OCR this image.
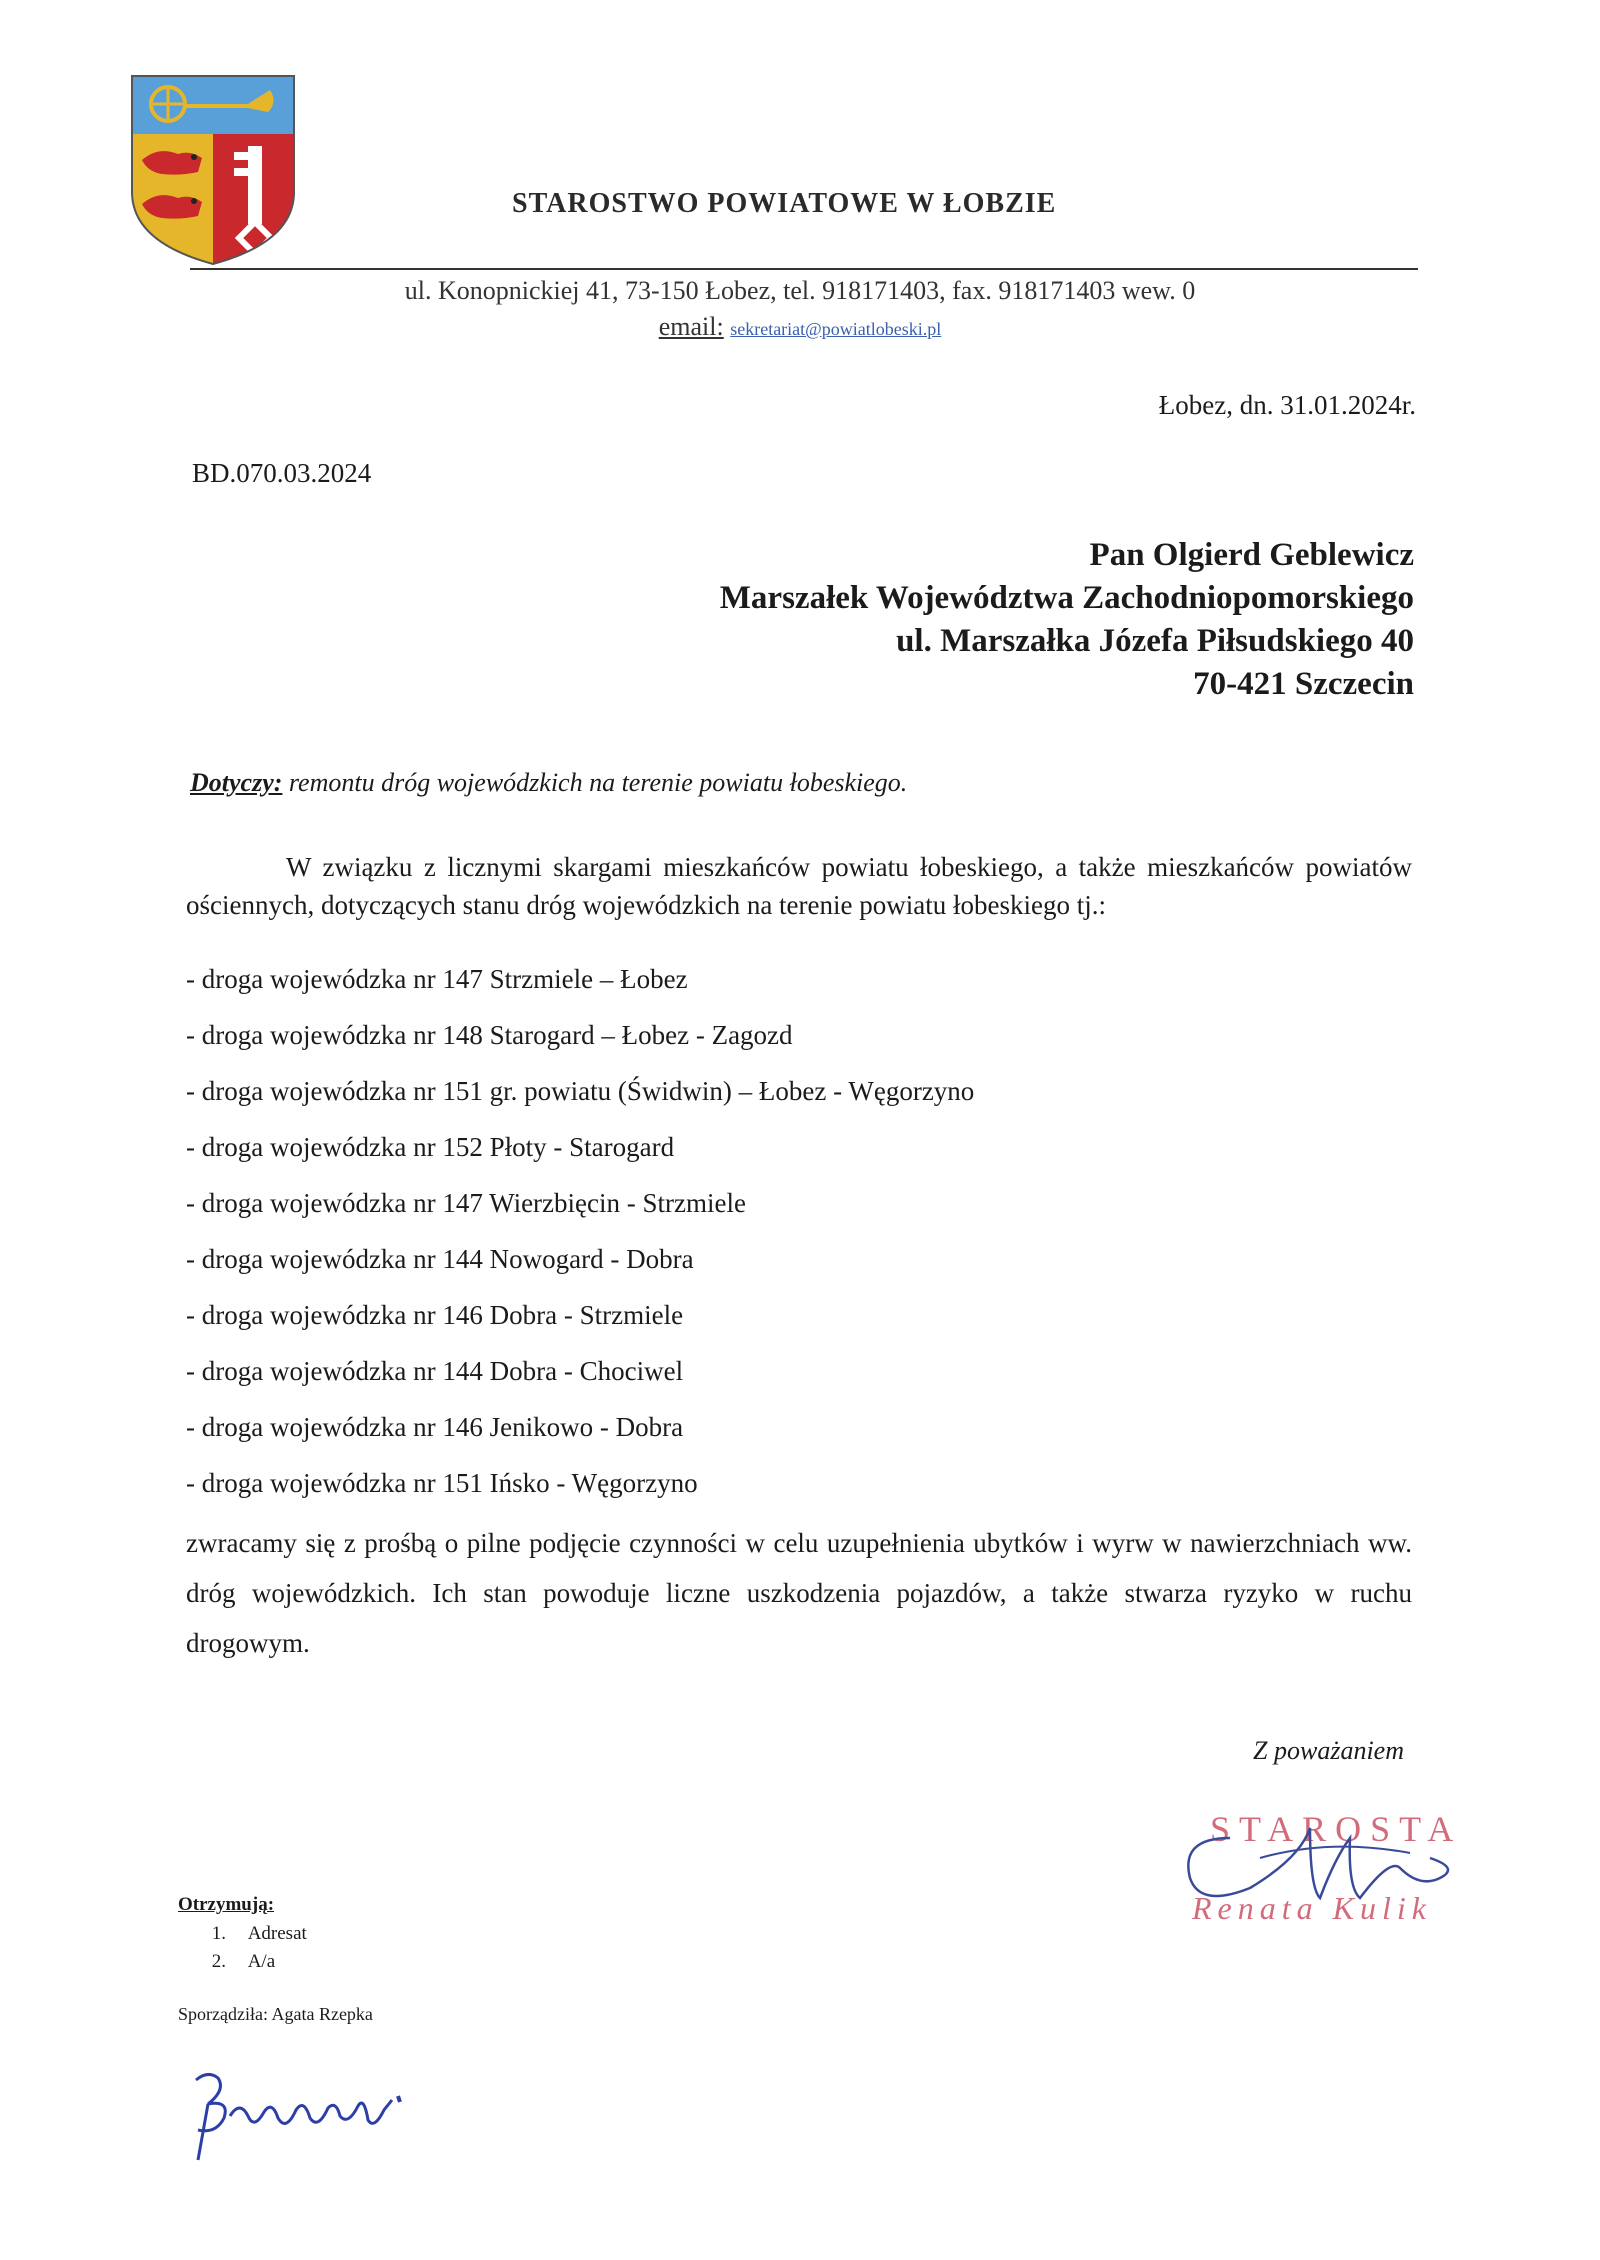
STAROSTWO POWIATOWE W ŁOBZIE
ul. Konopnickiej 41, 73-150 Łobez, tel. 918171403, fax. 918171403 wew. 0
email: sekretariat@powiatlobeski.pl
Łobez, dn. 31.01.2024r.
BD.070.03.2024
Pan Olgierd Geblewicz
Marszałek Województwa Zachodniopomorskiego
ul. Marszałka Józefa Piłsudskiego 40
70-421 Szczecin
Dotyczy: remontu dróg wojewódzkich na terenie powiatu łobeskiego.
W związku z licznymi skargami mieszkańców powiatu łobeskiego, a także mieszkańców powiatów ościennych, dotyczących stanu dróg wojewódzkich na terenie powiatu łobeskiego tj.:
- droga wojewódzka nr 147 Strzmiele – Łobez
- droga wojewódzka nr 148 Starogard – Łobez - Zagozd
- droga wojewódzka nr 151 gr. powiatu (Świdwin) – Łobez - Węgorzyno
- droga wojewódzka nr 152 Płoty - Starogard
- droga wojewódzka nr 147 Wierzbięcin - Strzmiele
- droga wojewódzka nr 144 Nowogard - Dobra
- droga wojewódzka nr 146 Dobra - Strzmiele
- droga wojewódzka nr 144 Dobra - Chociwel
- droga wojewódzka nr 146 Jenikowo - Dobra
- droga wojewódzka nr 151 Ińsko - Węgorzyno
zwracamy się z prośbą o pilne podjęcie czynności w celu uzupełnienia ubytków i wyrw w nawierzchniach ww. dróg wojewódzkich. Ich stan powoduje liczne uszkodzenia pojazdów, a także stwarza ryzyko w ruchu drogowym.
Z poważaniem
STAROSTA
Renata Kulik
Otrzymują:
1. Adresat
2. A/a
Sporządziła: Agata Rzepka
